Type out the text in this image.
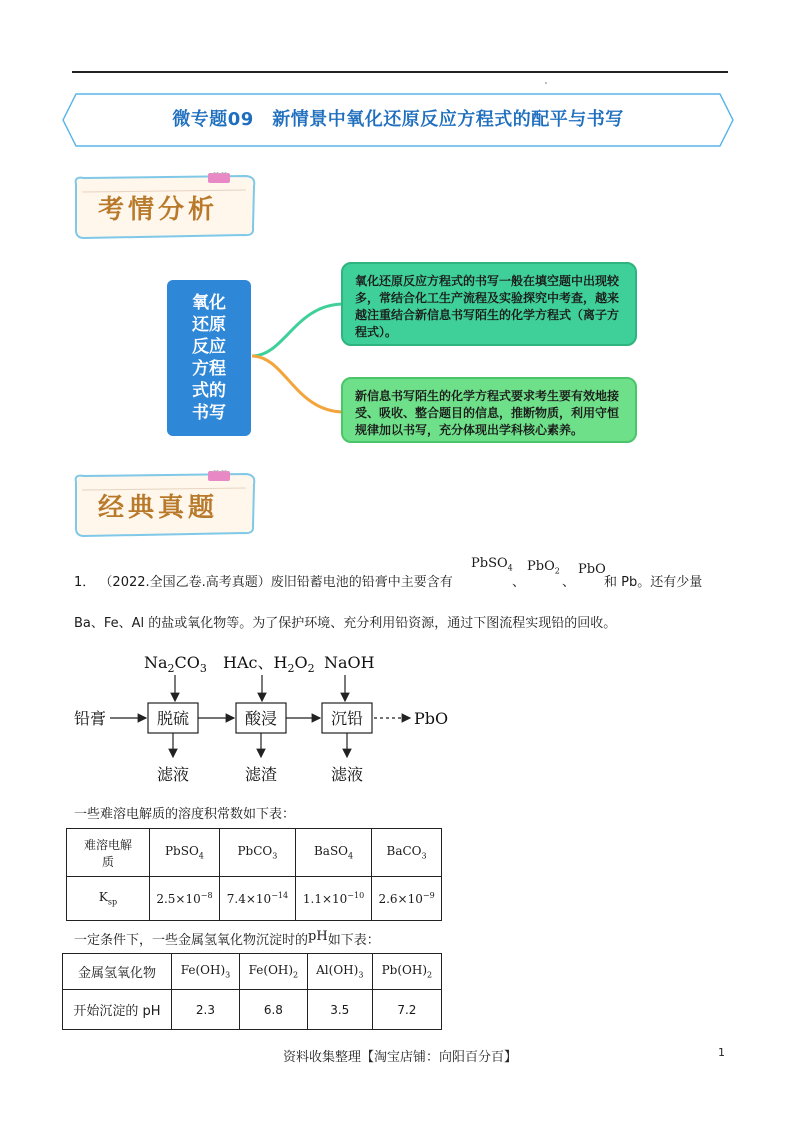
微专题09　新情景中氧化还原反应方程式的配平与书写
考情分析
氧化
还原
反应
方程
式的
书写
氧化还原反应方程式的书写一般在填空题中出现较多，常结合化工生产流程及实验探究中考查，越来越注重结合新信息书写陌生的化学方程式（离子方程式）。
新信息书写陌生的化学方程式要求考生要有效地接受、吸收、整合题目的信息，推断物质，利用守恒规律加以书写，充分体现出学科核心素养。
经典真题
1． （2022.全国乙卷.高考真题）废旧铅蓄电池的铅膏中主要含有
PbSO$_4$
、
PbO$_2$
、
PbO
和 Pb。还有少量
Ba、Fe、Al 的盐或氧化物等。为了保护环境、充分利用铅资源，通过下图流程实现铅的回收。
$Na_2CO_3$ HAc、$H_2O_2$ NaOH
铅膏	脱硫	酸浸	沉铅	PbO
滤液	滤渣	滤液
一些难溶电解质的溶度积常数如下表：
难溶电解
质	PbSO$_4$	PbCO$_3$	BaSO$_4$	BaCO$_3$
$K_{sp}$	$2.5\times 10^{-8}$	$7.4\times 10^{-14}$	$1.1\times 10^{-10}$	$2.6\times 10^{-9}$
一定条件下，一些金属氢氧化物沉淀时的pH如下表：
金属氢氧化物	$Fe(OH)_3$	$Fe(OH)_2$	$Al(OH)_3$	$Pb(OH)_2$
开始沉淀的 pH	2.3	6.8	3.5	7.2
资料收集整理【淘宝店铺：向阳百分百】	1
